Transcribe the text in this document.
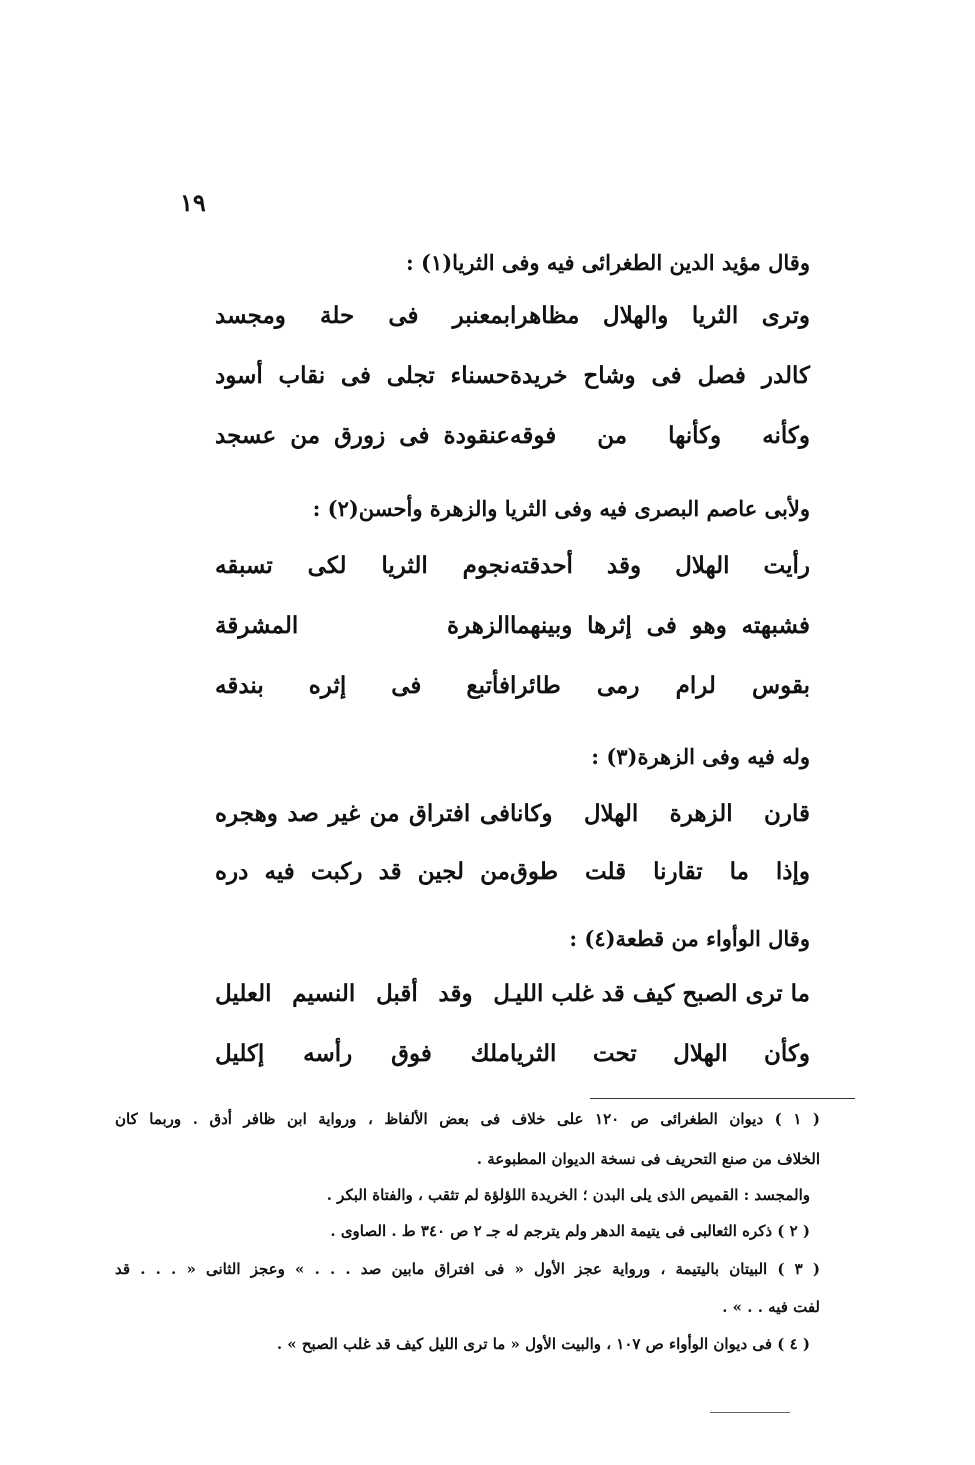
١٩
وقال مؤيد الدين الطغرائى فيه وفى الثريا(١) :
وترى الثريا والهلال مظاهرا
بمعنبر فى حلة ومجسد
كالدر فصل فى وشاح خريدة
حسناء تجلى فى نقاب أسود
وكأنه وكأنها من فوقه
عنقودة فى زورق من عسجد
ولأبى عاصم البصرى فيه وفى الثريا والزهرة وأحسن(٢) :
رأيت الهلال وقد أحدقته
نجوم الثريا لكى تسبقه
فشبهته وهو فى إثرها وبينهما
الزهرة المشرقة
بقوس لرام رمى طائرا
فأتبع فى إثره بندقه
وله فيه وفى الزهرة(٣) :
قارن الزهرة الهلال وكانا
فى افتراق من غير صد وهجره
وإذا ما تقارنا قلت طوق
من لجين قد ركبت فيه دره
وقال الوأواء من قطعة(٤) :
ما ترى الصبح كيف قد غلب الليـ
ل وقد أقبل النسيم العليل
وكأن الهلال تحت الثريا
ملك فوق رأسه إكليل
( ١ ) ديوان الطغرائى ص ١٢٠ على خلاف فى بعض الألفاظ ، ورواية ابن ظافر أدق . وربما كان
الخلاف من صنع التحريف فى نسخة الديوان المطبوعة .
والمجسد : القميص الذى يلى البدن ؛ الخريدة اللؤلؤة لم تثقب ، والفتاة البكر .
( ٢ ) ذكره الثعالبى فى يتيمة الدهر ولم يترجم له جـ ٢ ص ٣٤٠ ط . الصاوى .
( ٣ ) البيتان باليتيمة ، ورواية عجز الأول « فى افتراق مابين صد . . . » وعجز الثانى « . . . قد
لفت فيه . . » .
( ٤ ) فى ديوان الوأواء ص ١٠٧ ، والبيت الأول « ما ترى الليل كيف قد غلب الصبح » .
